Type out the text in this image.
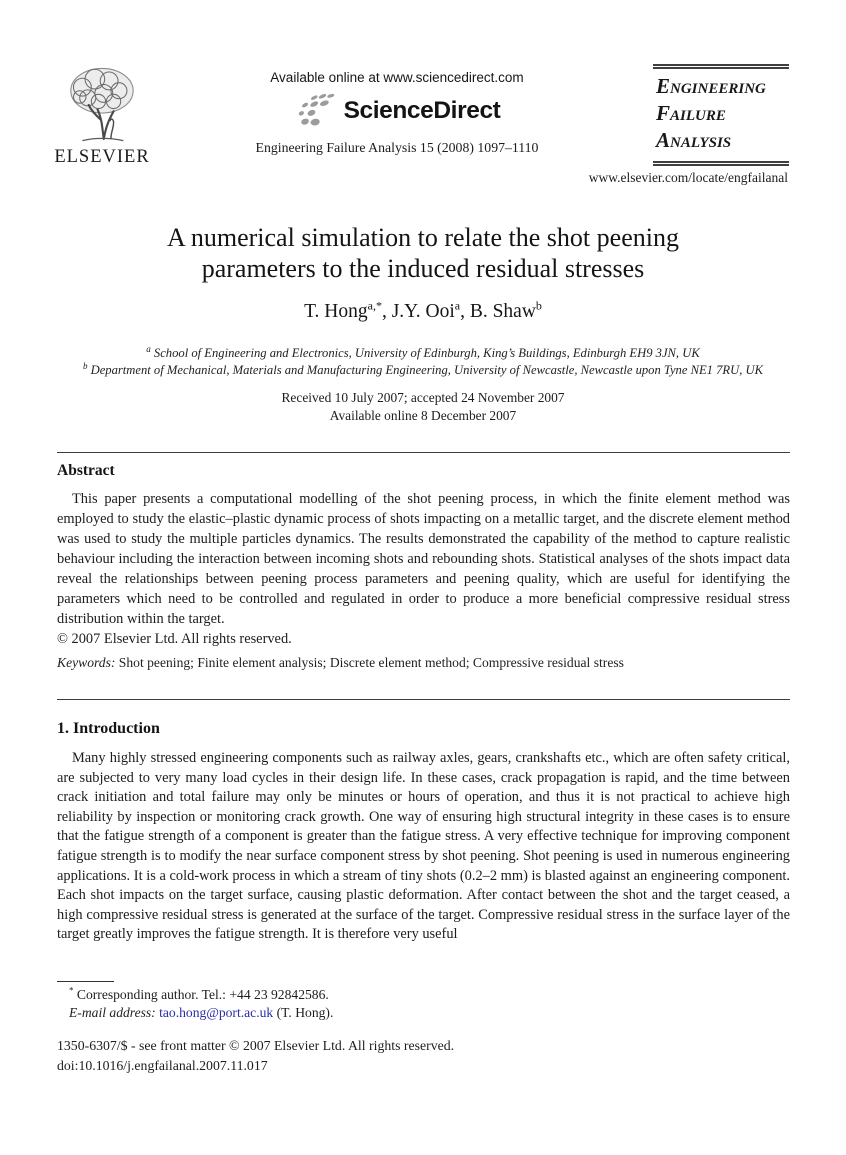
ELSEVIER
Available online at www.sciencedirect.com
ScienceDirect
Engineering Failure Analysis 15 (2008) 1097–1110
Engineering
Failure
Analysis
www.elsevier.com/locate/engfailanal
A numerical simulation to relate the shot peening
parameters to the induced residual stresses
T. Hong$^{a,*}$, J.Y. Ooi$^a$, B. Shaw$^b$
$^a$ School of Engineering and Electronics, University of Edinburgh, King’s Buildings, Edinburgh EH9 3JN, UK
$^b$ Department of Mechanical, Materials and Manufacturing Engineering, University of Newcastle, Newcastle upon Tyne NE1 7RU, UK
Received 10 July 2007; accepted 24 November 2007
Available online 8 December 2007
Abstract

This paper presents a computational modelling of the shot peening process, in which the finite element method was employed to study the elastic–plastic dynamic process of shots impacting on a metallic target, and the discrete element method was used to study the multiple particles dynamics. The results demonstrated the capability of the method to capture realistic behaviour including the interaction between incoming shots and rebounding shots. Statistical analyses of the shots impact data reveal the relationships between peening process parameters and peening quality, which are useful for identifying the parameters which need to be controlled and regulated in order to produce a more beneficial compressive residual stress distribution within the target.

© 2007 Elsevier Ltd. All rights reserved.
Keywords: Shot peening; Finite element analysis; Discrete element method; Compressive residual stress
1. Introduction

Many highly stressed engineering components such as railway axles, gears, crankshafts etc., which are often safety critical, are subjected to very many load cycles in their design life. In these cases, crack propagation is rapid, and the time between crack initiation and total failure may only be minutes or hours of operation, and thus it is not practical to achieve high reliability by inspection or monitoring crack growth. One way of ensuring high structural integrity in these cases is to ensure that the fatigue strength of a component is greater than the fatigue stress. A very effective technique for improving component fatigue strength is to modify the near surface component stress by shot peening. Shot peening is used in numerous engineering applications. It is a cold-work process in which a stream of tiny shots (0.2–2 mm) is blasted against an engineering component. Each shot impacts on the target surface, causing plastic deformation. After contact between the shot and the target ceased, a high compressive residual stress is generated at the surface of the target. Compressive residual stress in the surface layer of the target greatly improves the fatigue strength. It is therefore very useful

* Corresponding author. Tel.: +44 23 92842586.
E-mail address: tao.hong@port.ac.uk (T. Hong).
1350-6307/$ - see front matter © 2007 Elsevier Ltd. All rights reserved.
doi:10.1016/j.engfailanal.2007.11.017
